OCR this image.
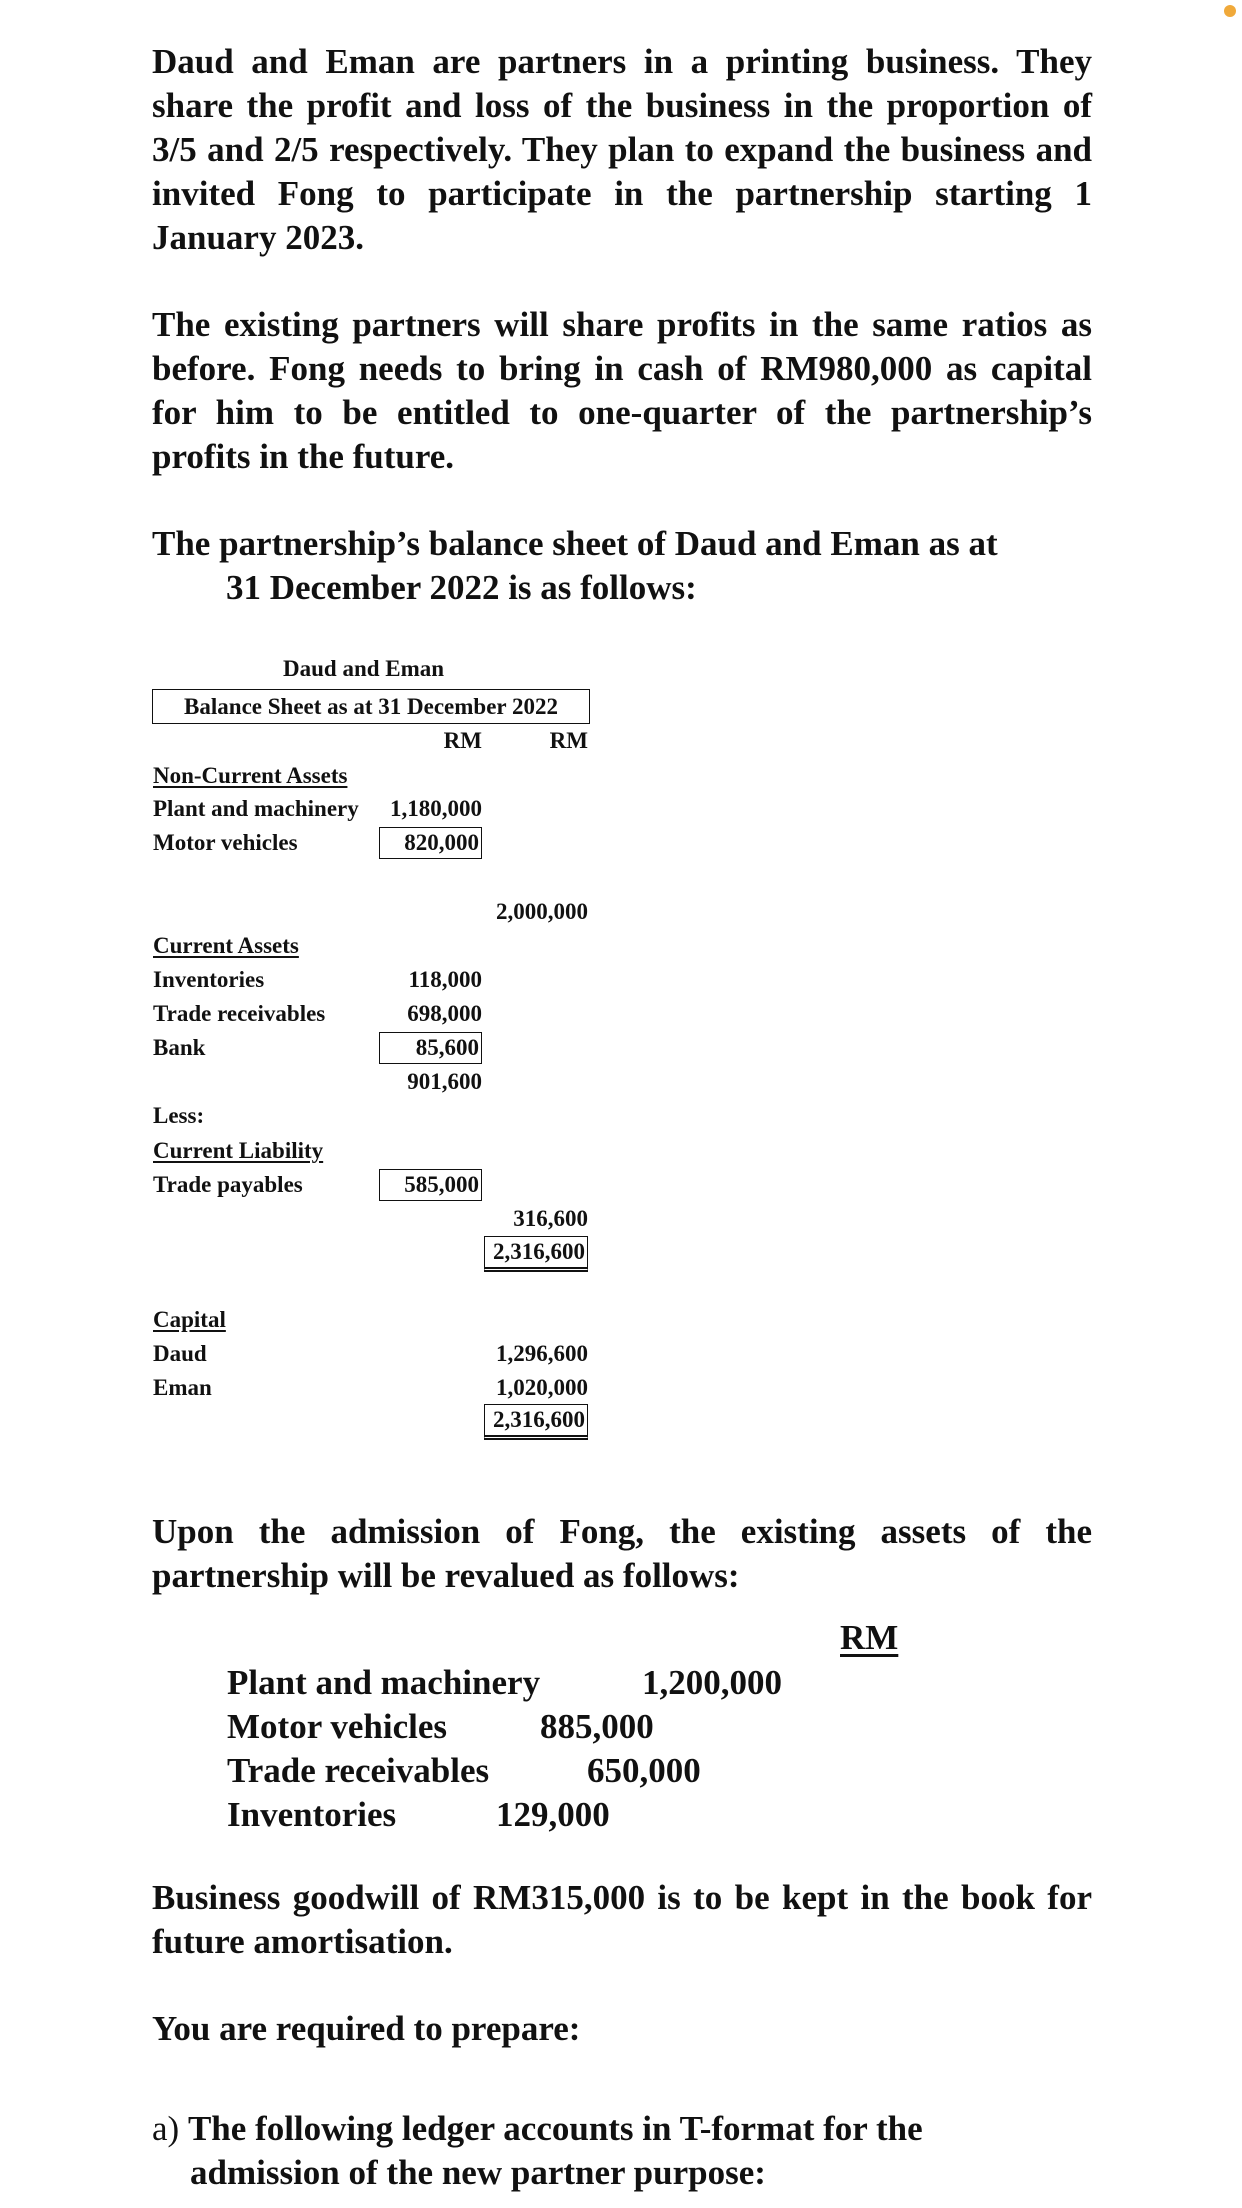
Daud and Eman are partners in a printing business. They share the profit and loss of the business in the proportion of 3/5 and 2/5 respectively. They plan to expand the business and invited Fong to participate in the partnership starting 1 January 2023.

The existing partners will share profits in the same ratios as before. Fong needs to bring in cash of RM980,000 as capital for him to be entitled to one-quarter of the partnership’s profits in the future.

The partnership’s balance sheet of Daud and Eman as at
31 December 2022 is as follows:

Daud and Eman
Balance Sheet as at 31 December 2022
RM	RM
Non-Current Assets
Plant and machinery 1,180,000
Motor vehicles	820,000
2,000,000
Current Assets
Inventories	118,000
Trade receivables	698,000
Bank	85,600
901,600
Less:
Current Liability
Trade payables	585,000
316,600
2,316,600
Capital
Daud	1,296,600
Eman	1,020,000
2,316,600

Upon the admission of Fong, the existing assets of the partnership will be revalued as follows:

RM
Plant and machinery	1,200,000
Motor vehicles	885,000
Trade receivables	650,000
Inventories	129,000

Business goodwill of RM315,000 is to be kept in the book for future amortisation.

You are required to prepare:

a) The following ledger accounts in T-format for the
admission of the new partner purpose:
